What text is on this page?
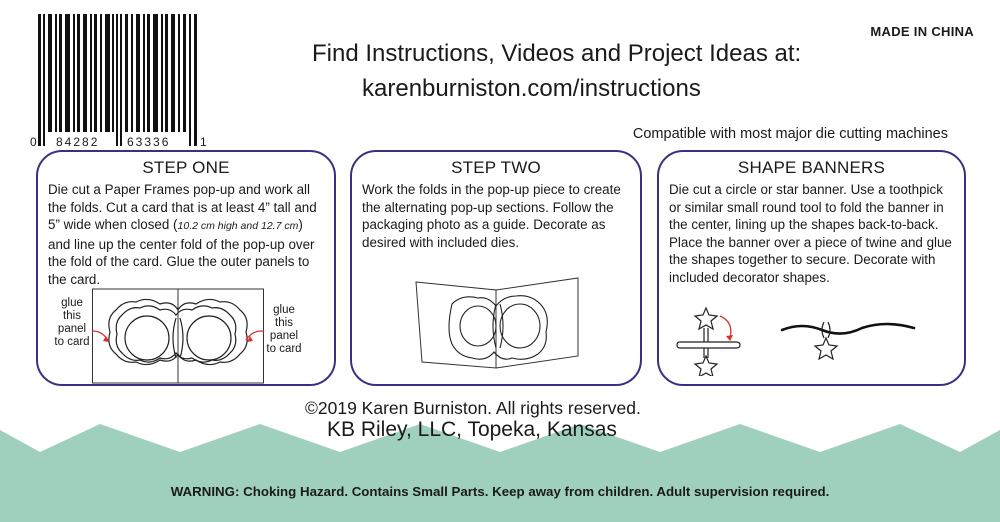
0 84282 63336 1
MADE IN CHINA
Find Instructions, Videos and Project Ideas at:
karenburniston.com/instructions
Compatible with most major die cutting machines
STEP ONE

Die cut a Paper Frames pop-up and work all the folds. Cut a card that is at least 4” tall and 5” wide when closed (10.2 cm high and 12.7 cm) and line up the center fold of the pop-up over the fold of the card. Glue the outer panels to the card.

glue
this
panel
to card
glue
this
panel
to card
STEP TWO

Work the folds in the pop-up piece to create the alternating pop-up sections. Follow the packaging photo as a guide. Decorate as desired with included dies.

SHAPE BANNERS

Die cut a circle or star banner. Use a toothpick or similar small round tool to fold the banner in the center, lining up the shapes back-to-back. Place the banner over a piece of twine and glue the shapes together to secure. Decorate with included decorator shapes.

©2019 Karen Burniston. All rights reserved.
KB Riley, LLC, Topeka, Kansas
WARNING: Choking Hazard. Contains Small Parts. Keep away from children. Adult supervision required.
